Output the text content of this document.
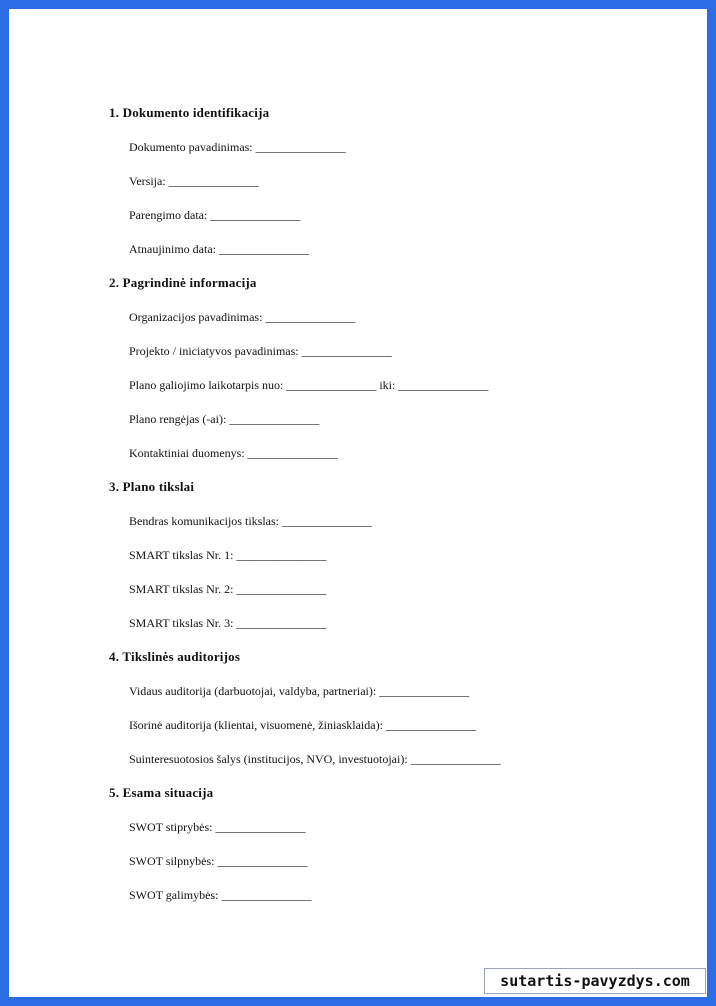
1. Dokumento identifikacija
Dokumento pavadinimas: _______________
Versija: _______________
Parengimo data: _______________
Atnaujinimo data: _______________
2. Pagrindinė informacija
Organizacijos pavadinimas: _______________
Projekto / iniciatyvos pavadinimas: _______________
Plano galiojimo laikotarpis nuo: _______________ iki: _______________
Plano rengėjas (-ai): _______________
Kontaktiniai duomenys: _______________
3. Plano tikslai
Bendras komunikacijos tikslas: _______________
SMART tikslas Nr. 1: _______________
SMART tikslas Nr. 2: _______________
SMART tikslas Nr. 3: _______________
4. Tikslinės auditorijos
Vidaus auditorija (darbuotojai, valdyba, partneriai): _______________
Išorinė auditorija (klientai, visuomenė, žiniasklaida): _______________
Suinteresuotosios šalys (institucijos, NVO, investuotojai): _______________
5. Esama situacija
SWOT stiprybės: _______________
SWOT silpnybės: _______________
SWOT galimybės: _______________
sutartis-pavyzdys.com
